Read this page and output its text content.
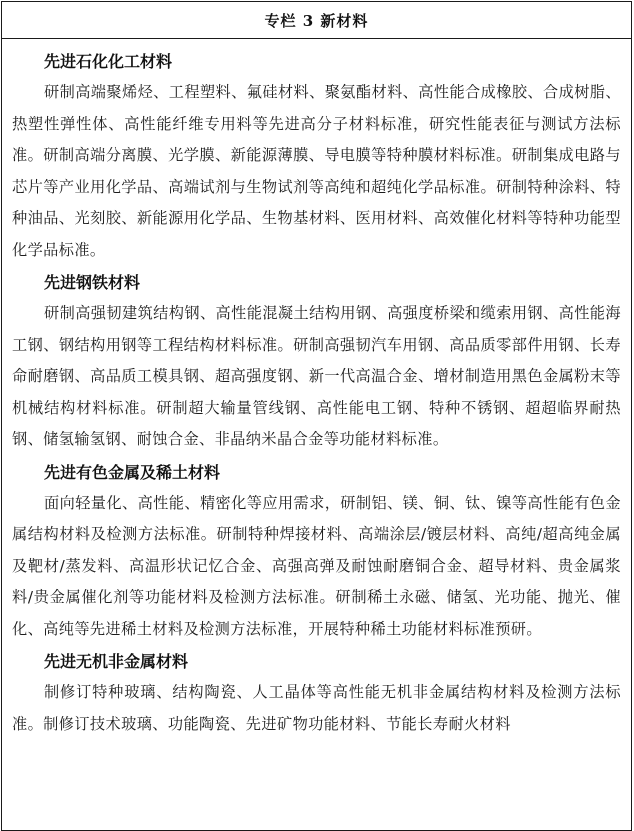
专栏 3 新材料
先进石化化工材料

研制高端聚烯烃、工程塑料、氟硅材料、聚氨酯材料、高性能合成橡胶、合成树脂、热塑性弹性体、高性能纤维专用料等先进高分子材料标准，研究性能表征与测试方法标准。研制高端分离膜、光学膜、新能源薄膜、导电膜等特种膜材料标准。研制集成电路与芯片等产业用化学品、高端试剂与生物试剂等高纯和超纯化学品标准。研制特种涂料、特种油品、光刻胶、新能源用化学品、生物基材料、医用材料、高效催化材料等特种功能型化学品标准。

先进钢铁材料

研制高强韧建筑结构钢、高性能混凝土结构用钢、高强度桥梁和缆索用钢、高性能海工钢、钢结构用钢等工程结构材料标准。研制高强韧汽车用钢、高品质零部件用钢、长寿命耐磨钢、高品质工模具钢、超高强度钢、新一代高温合金、增材制造用黑色金属粉末等机械结构材料标准。研制超大输量管线钢、高性能电工钢、特种不锈钢、超超临界耐热钢、储氢输氢钢、耐蚀合金、非晶纳米晶合金等功能材料标准。

先进有色金属及稀土材料

面向轻量化、高性能、精密化等应用需求，研制铝、镁、铜、钛、镍等高性能有色金属结构材料及检测方法标准。研制特种焊接材料、高端涂层/镀层材料、高纯/超高纯金属及靶材/蒸发料、高温形状记忆合金、高强高弹及耐蚀耐磨铜合金、超导材料、贵金属浆料/贵金属催化剂等功能材料及检测方法标准。研制稀土永磁、储氢、光功能、抛光、催化、高纯等先进稀土材料及检测方法标准，开展特种稀土功能材料标准预研。

先进无机非金属材料

制修订特种玻璃、结构陶瓷、人工晶体等高性能无机非金属结构材料及检测方法标准。制修订技术玻璃、功能陶瓷、先进矿物功能材料、节能长寿耐火材料
